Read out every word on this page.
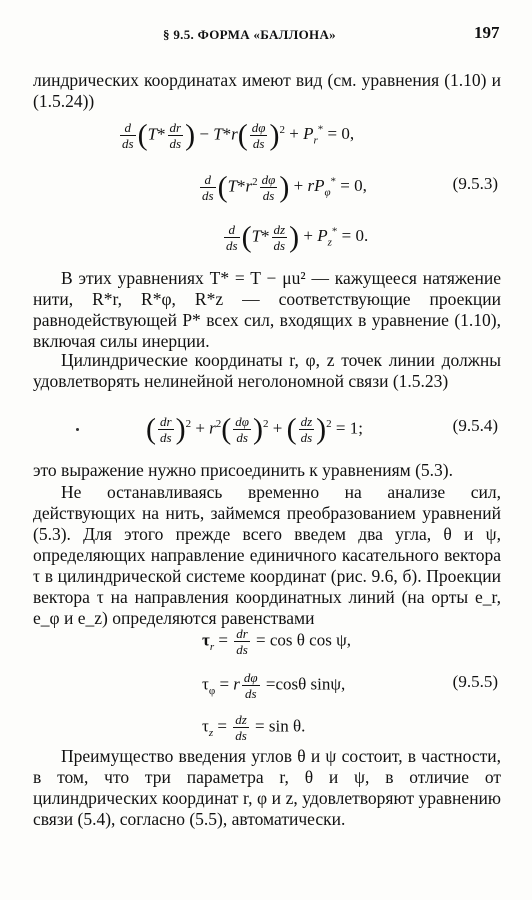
§ 9.5. ФОРМА «БАЛЛОНА»	197

линдрических координатах имеют вид (см. уравнения (1.10) и (1.5.24))

$\frac{d}{ds} (T* \frac{dr}{ds}$ ) − $T*r( \frac{d\varphi}{ds} )^2 + P_r^* = 0$,
$\frac{d}{ds} (T*r^2 \frac{d\varphi}{ds}$ ) + $rP_\varphi^* = 0$,	(9.5.3)
$\frac{d}{ds} (T* \frac{dz}{ds}$ ) + $P_z^* = 0$.

В этих уравнениях T* = T − μu² — кажущееся натяжение нити, R*r, R*φ, R*z — соответствующие проекции равнодействующей P* всех сил, входящих в уравнение (1.10), включая силы инерции.

Цилиндрические координаты r, φ, z точек линии должны удовлетворять нелинейной неголономной связи (1.5.23)

( $\frac{dr}{ds} )^2 + r^2( \frac{d\varphi}{ds} )^2$ + ( $\frac{dz}{ds} )^2 = 1$;	(9.5.4)

это выражение нужно присоединить к уравнениям (5.3).

Не останавливаясь временно на анализе сил, действующих на нить, займемся преобразованием уравнений (5.3). Для этого прежде всего введем два угла, θ и ψ, определяющих направление единичного касательного вектора τ в цилиндрической системе координат (рис. 9.6, б). Проекции вектора τ на направления координатных линий (на орты e_r, e_φ и e_z) определяются равенствами

$\tau_r = \frac{dr}{ds} = \cos \theta$ cos ψ,
$\tau_\varphi = r \frac{d\varphi}{ds} =\cos\theta$ sinψ,	(9.5.5)
$\tau_z = \frac{dz}{ds} = \sin \theta$.

Преимущество введения углов θ и ψ состоит, в частности, в том, что три параметра r, θ и ψ, в отличие от цилиндрических координат r, φ и z, удовлетворяют уравнению связи (5.4), согласно (5.5), автоматически.
